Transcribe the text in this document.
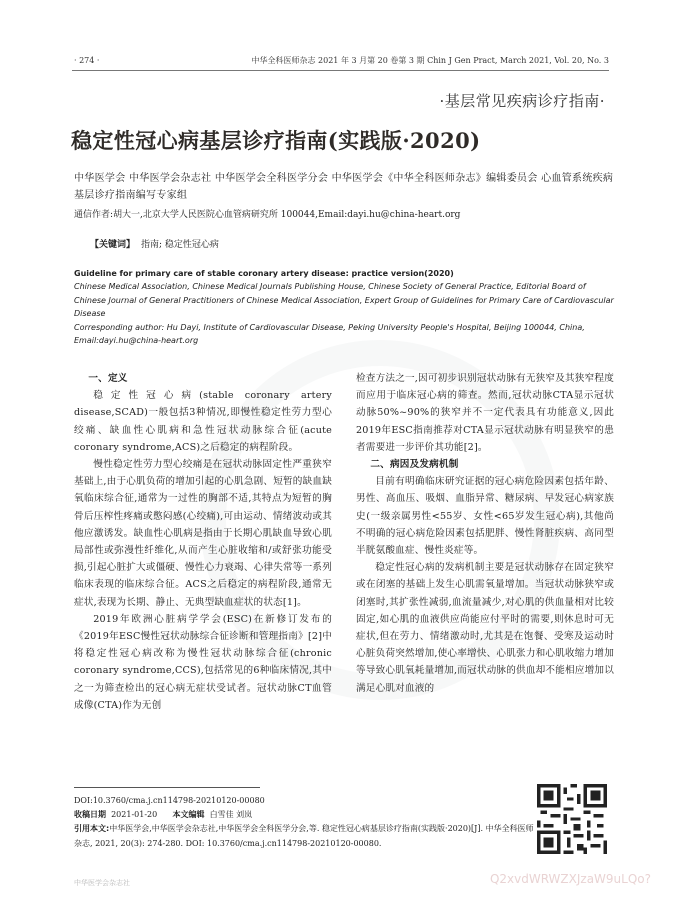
· 274 ·	中华全科医师杂志 2021 年 3 月第 20 卷第 3 期 Chin J Gen Pract, March 2021, Vol. 20, No. 3
·基层常见疾病诊疗指南·
稳定性冠心病基层诊疗指南(实践版·2020)
中华医学会 中华医学会杂志社 中华医学会全科医学分会 中华医学会《中华全科医师杂志》编辑委员会 心血管系统疾病基层诊疗指南编写专家组
通信作者:胡大一,北京大学人民医院心血管病研究所 100044,Email:dayi.hu@china-heart.org
【关键词】 指南; 稳定性冠心病
Guideline for primary care of stable coronary artery disease: practice version(2020)
Chinese Medical Association, Chinese Medical Journals Publishing House, Chinese Society of General Practice, Editorial Board of Chinese Journal of General Practitioners of Chinese Medical Association, Expert Group of Guidelines for Primary Care of Cardiovascular Disease
Corresponding author: Hu Dayi, Institute of Cardiovascular Disease, Peking University People's Hospital, Beijing 100044, China, Email:dayi.hu@china-heart.org

一、定义

稳定性冠心病(stable coronary artery disease,SCAD)一般包括3种情况,即慢性稳定性劳力型心绞痛、缺血性心肌病和急性冠状动脉综合征(acute coronary syndrome,ACS)之后稳定的病程阶段。

慢性稳定性劳力型心绞痛是在冠状动脉固定性严重狭窄基础上,由于心肌负荷的增加引起的心肌急剧、短暂的缺血缺氧临床综合征,通常为一过性的胸部不适,其特点为短暂的胸骨后压榨性疼痛或憋闷感(心绞痛),可由运动、情绪波动或其他应激诱发。缺血性心肌病是指由于长期心肌缺血导致心肌局部性或弥漫性纤维化,从而产生心脏收缩和/或舒张功能受损,引起心脏扩大或僵硬、慢性心力衰竭、心律失常等一系列临床表现的临床综合征。ACS之后稳定的病程阶段,通常无症状,表现为长期、静止、无典型缺血症状的状态[1]。

2019年欧洲心脏病学学会(ESC)在新修订发布的《2019年ESC慢性冠状动脉综合征诊断和管理指南》[2]中将稳定性冠心病改称为慢性冠状动脉综合征(chronic coronary syndrome,CCS),包括常见的6种临床情况,其中之一为筛查检出的冠心病无症状受试者。冠状动脉CT血管成像(CTA)作为无创

检查方法之一,因可初步识别冠状动脉有无狭窄及其狭窄程度而应用于临床冠心病的筛查。然而,冠状动脉CTA显示冠状动脉50%~90%的狭窄并不一定代表具有功能意义,因此2019年ESC指南推荐对CTA显示冠状动脉有明显狭窄的患者需要进一步评价其功能[2]。

二、病因及发病机制

目前有明确临床研究证据的冠心病危险因素包括年龄、男性、高血压、吸烟、血脂异常、糖尿病、早发冠心病家族史(一级亲属男性<55岁、女性<65岁发生冠心病),其他尚不明确的冠心病危险因素包括肥胖、慢性肾脏疾病、高同型半胱氨酸血症、慢性炎症等。

稳定性冠心病的发病机制主要是冠状动脉存在固定狭窄或在闭塞的基础上发生心肌需氧量增加。当冠状动脉狭窄或闭塞时,其扩张性减弱,血流量减少,对心肌的供血量相对比较固定,如心肌的血液供应尚能应付平时的需要,则休息时可无症状,但在劳力、情绪激动时,尤其是在饱餐、受寒及运动时心脏负荷突然增加,使心率增快、心肌张力和心肌收缩力增加等导致心肌氧耗量增加,而冠状动脉的供血却不能相应增加以满足心肌对血液的

DOI:10.3760/cma.j.cn114798-20210120-00080
收稿日期 2021-01-20 本文编辑 白雪佳 刘岚
引用本文:中华医学会,中华医学会杂志社,中华医学会全科医学分会,等. 稳定性冠心病基层诊疗指南(实践版·2020)[J]. 中华全科医师杂志, 2021, 20(3): 274-280. DOI: 10.3760/cma.j.cn114798-20210120-00080.
中华医学会杂志社	Q2xvdWRWZXJzaW9uLQo?
